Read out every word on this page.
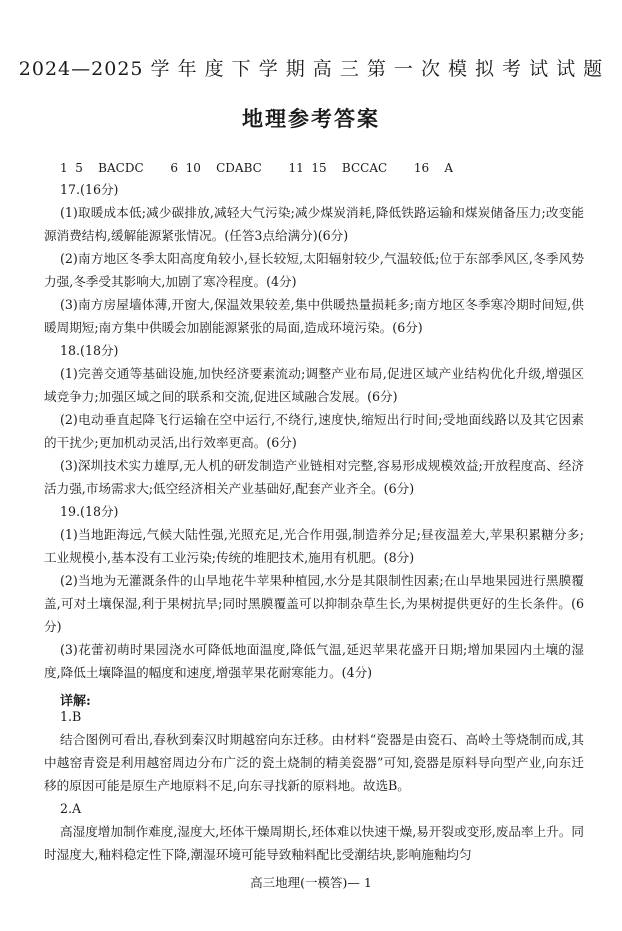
2024—2025 学 年 度 下 学 期 高 三 第 一 次 模 拟 考 试 试 题
地理参考答案
1  5    BACDC       6  10    CDABC       11  15    BCCAC       16    A

17.(16分)

(1)取暖成本低;减少碳排放,减轻大气污染;减少煤炭消耗,降低铁路运输和煤炭储备压力;改变能源消费结构,缓解能源紧张情况。(任答3点给满分)(6分)

(2)南方地区冬季太阳高度角较小,昼长较短,太阳辐射较少,气温较低;位于东部季风区,冬季风势力强,冬季受其影响大,加剧了寒冷程度。(4分)

(3)南方房屋墙体薄,开窗大,保温效果较差,集中供暖热量损耗多;南方地区冬季寒冷期时间短,供暖周期短;南方集中供暖会加剧能源紧张的局面,造成环境污染。(6分)

18.(18分)

(1)完善交通等基础设施,加快经济要素流动;调整产业布局,促进区域产业结构优化升级,增强区域竞争力;加强区域之间的联系和交流,促进区域融合发展。(6分)

(2)电动垂直起降飞行运输在空中运行,不绕行,速度快,缩短出行时间;受地面线路以及其它因素的干扰少;更加机动灵活,出行效率更高。(6分)

(3)深圳技术实力雄厚,无人机的研发制造产业链相对完整,容易形成规模效益;开放程度高、经济活力强,市场需求大;低空经济相关产业基础好,配套产业齐全。(6分)

19.(18分)

(1)当地距海远,气候大陆性强,光照充足,光合作用强,制造养分足;昼夜温差大,苹果积累糖分多;工业规模小,基本没有工业污染;传统的堆肥技术,施用有机肥。(8分)

(2)当地为无灌溉条件的山旱地花牛苹果种植园,水分是其限制性因素;在山旱地果园进行黑膜覆盖,可对土壤保湿,利于果树抗旱;同时黑膜覆盖可以抑制杂草生长,为果树提供更好的生长条件。(6分)

(3)花蕾初萌时果园浇水可降低地面温度,降低气温,延迟苹果花盛开日期;增加果园内土壤的湿度,降低土壤降温的幅度和速度,增强苹果花耐寒能力。(4分)

详解:

1.B

结合图例可看出,春秋到秦汉时期越窑向东迁移。由材料“瓷器是由瓷石、高岭土等烧制而成,其中越窑青瓷是利用越窑周边分布广泛的瓷土烧制的精美瓷器”可知,瓷器是原料导向型产业,向东迁移的原因可能是原生产地原料不足,向东寻找新的原料地。故选B。

2.A

高湿度增加制作难度,湿度大,坯体干燥周期长,坯体难以快速干燥,易开裂或变形,废品率上升。同时湿度大,釉料稳定性下降,潮湿环境可能导致釉料配比受潮结块,影响施釉均匀

高三地理(一模答)— 1
